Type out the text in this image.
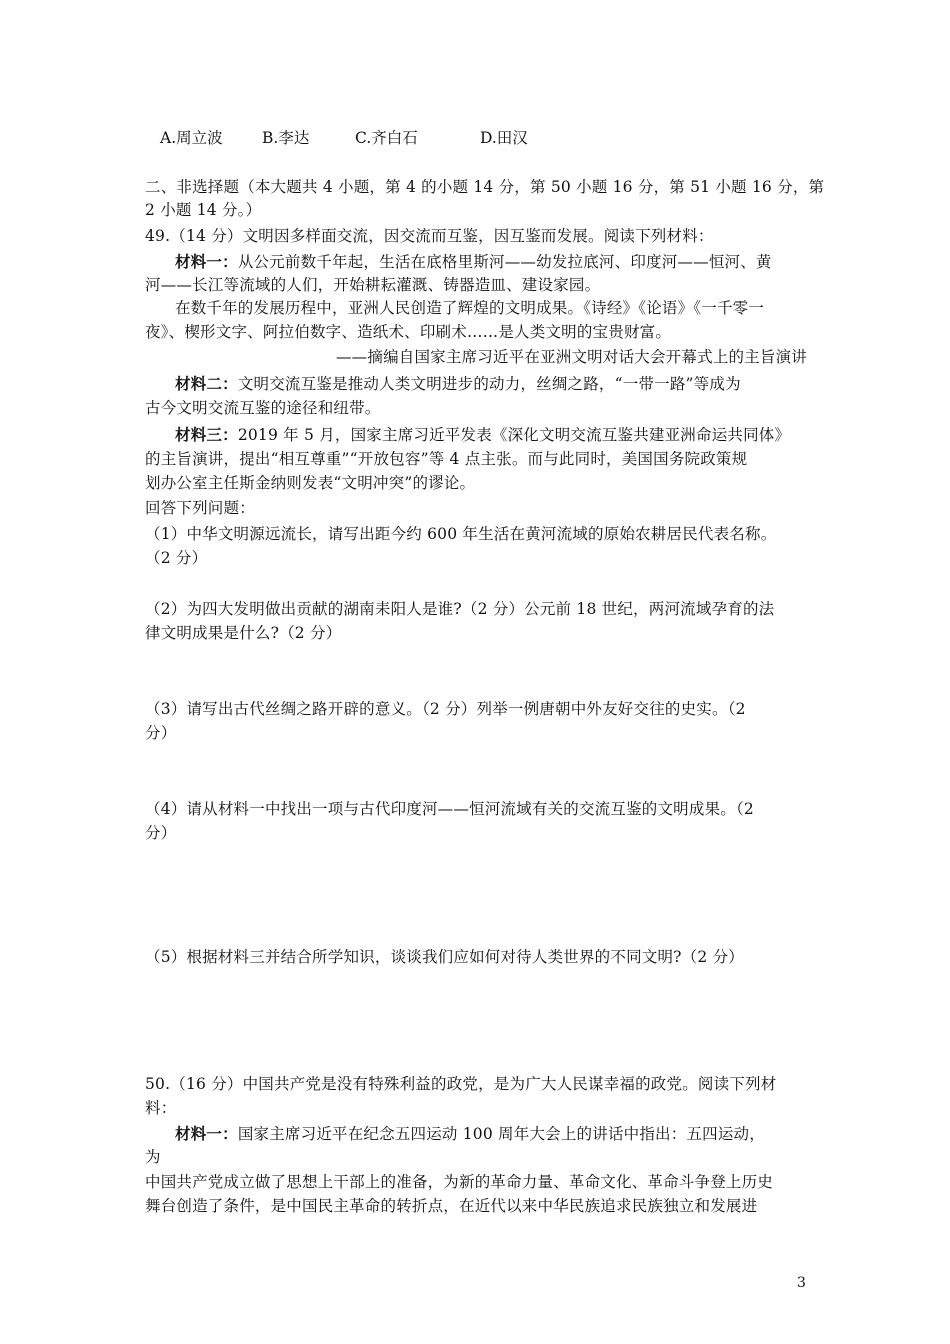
A.周立波	B.李达	C.齐白石	D.田汉
二、非选择题（本大题共 4 小题，第 4 的小题 14 分，第 50 小题 16 分，第 51 小题 16 分，第
2 小题 14 分。）
49.（14 分）文明因多样面交流，因交流而互鉴，因互鉴而发展。阅读下列材料：
材料一：从公元前数千年起，生活在底格里斯河——幼发拉底河、印度河——恒河、黄
河——长江等流域的人们，开始耕耘灌溉、铸器造皿、建设家园。
在数千年的发展历程中，亚洲人民创造了辉煌的文明成果。《诗经》《论语》《一千零一
夜》、楔形文字、阿拉伯数字、造纸术、印刷术……是人类文明的宝贵财富。
——摘编自国家主席习近平在亚洲文明对话大会开幕式上的主旨演讲
材料二：文明交流互鉴是推动人类文明进步的动力，丝绸之路，“一带一路”等成为
古今文明交流互鉴的途径和纽带。
材料三：2019 年 5 月，国家主席习近平发表《深化文明交流互鉴共建亚洲命运共同体》
的主旨演讲，提出“相互尊重”“开放包容”等 4 点主张。而与此同时，美国国务院政策规
划办公室主任斯金纳则发表“文明冲突”的谬论。
回答下列问题：
（1）中华文明源远流长，请写出距今约 600 年生活在黄河流域的原始农耕居民代表名称。
（2 分）
（2）为四大发明做出贡献的湖南耒阳人是谁?（2 分）公元前 18 世纪，两河流域孕育的法
律文明成果是什么?（2 分）
（3）请写出古代丝绸之路开辟的意义。（2 分）列举一例唐朝中外友好交往的史实。（2
分）
（4）请从材料一中找出一项与古代印度河——恒河流域有关的交流互鉴的文明成果。（2
分）
（5）根据材料三并结合所学知识，谈谈我们应如何对待人类世界的不同文明?（2 分）
50.（16 分）中国共产党是没有特殊利益的政党，是为广大人民谋幸福的政党。阅读下列材
料：
材料一：国家主席习近平在纪念五四运动 100 周年大会上的讲话中指出：五四运动，
为
中国共产党成立做了思想上干部上的准备，为新的革命力量、革命文化、革命斗争登上历史
舞台创造了条件，是中国民主革命的转折点，在近代以来中华民族追求民族独立和发展进
3
